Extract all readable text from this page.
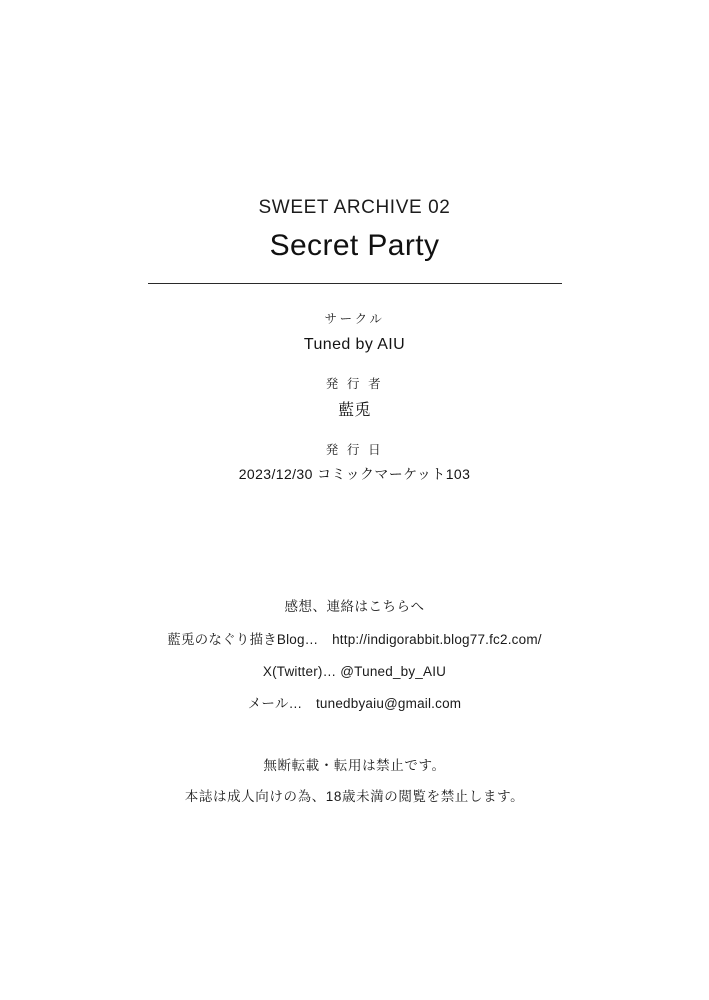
SWEET ARCHIVE 02
Secret Party
サークル
Tuned by AIU
発 行 者
藍兎
発 行 日
2023/12/30 コミックマーケット103
感想、連絡はこちらへ
藍兎のなぐり描きBlog…　http://indigorabbit.blog77.fc2.com/
X(Twitter)… @Tuned_by_AIU
メール…　tunedbyaiu@gmail.com
無断転載・転用は禁止です。
本誌は成人向けの為、18歳未満の閲覧を禁止します。
